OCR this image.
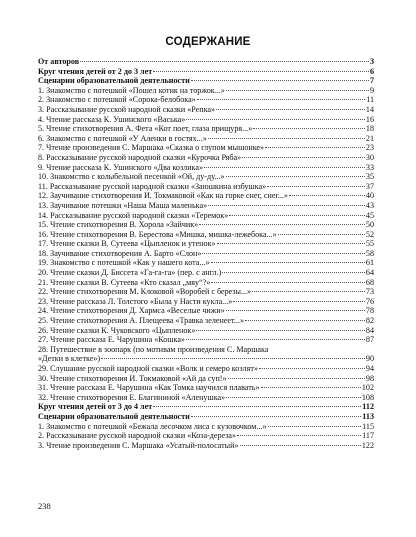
СОДЕРЖАНИЕ
От авторов	3
Круг чтения детей от 2 до 3 лет	6
Сценарии образовательной деятельности	7
1. Знакомство с потешкой «Пошел котик на торжок...»	9
2. Знакомство с потешкой «Сорока-белобока»	11
3. Рассказывание русской народной сказки «Репка»	14
4. Чтение рассказа К. Ушинского «Васька»	16
5. Чтение стихотворения А. Фета «Кот поет, глаза прищуря...»	18
6. Знакомство с потешкой «У Аленки в гостях...»	21
7. Чтение произведения С. Маршака «Сказка о глупом мышонке»	23
8. Рассказывание русской народной сказки «Курочка Ряба»	30
9. Чтение рассказа К. Ушинского «Два козлика»	33
10. Знакомство с колыбельной песенкой «Ой, ду-ду...»	35
11. Рассказывание русской народной сказки «Заюшкина избушка»	37
12. Заучивание стихотворения И. Токмаковой «Как на горке снег, снег...»	40
13. Заучивание потешки «Наша Маша маленька»	43
14. Рассказывание русской народной сказки «Теремок»	45
15. Чтение стихотворения В. Хорола «Зайчик»	50
16. Чтение стихотворения В. Берестова «Мишка, мишка-лежебока...»	52
17. Чтение сказки В. Сутеева «Цыпленок и утенок»	55
18. Заучивание стихотворения А. Барто «Слон»	58
19. Знакомство с потешкой «Как у нашего кота...»	61
20. Чтение сказки Д. Биссета «Га-га-га» (пер. с англ.)	64
21. Чтение сказки В. Сутеева «Кто сказал „мяу“?»	68
22. Чтение стихотворения М. Клоковой «Воробей с березы...»	73
23. Чтение рассказа Л. Толстого «Была у Насти кукла...»	76
24. Чтение стихотворения Д. Хармса «Веселые чижи»	78
25. Чтение стихотворения А. Плещеева «Травка зеленеет...»	82
26. Чтение сказки К. Чуковского «Цыпленок»	84
27. Чтение рассказа Е. Чарушина «Кошка»	87
28. Путешествие в зоопарк (по мотивам произведения С. Маршака
«Детки в клетке»)	90
29. Слушание русской народной сказки «Волк и семеро козлят»	94
30. Чтение стихотворения И. Токмаковой «Ай да суп!»	98
31. Чтение рассказа Е. Чарушина «Как Томка научился плавать»	102
32. Чтение стихотворения Е. Благининой «Аленушка»	108
Круг чтения детей от 3 до 4 лет	112
Сценарии образовательной деятельности	113
1. Знакомство с потешкой «Бежала лесочком лиса с кузовочком...»	115
2. Рассказывание русской народной сказки «Коза-дереза»	117
3. Чтение произведения С. Маршака «Усатый-полосатый»	122
238
